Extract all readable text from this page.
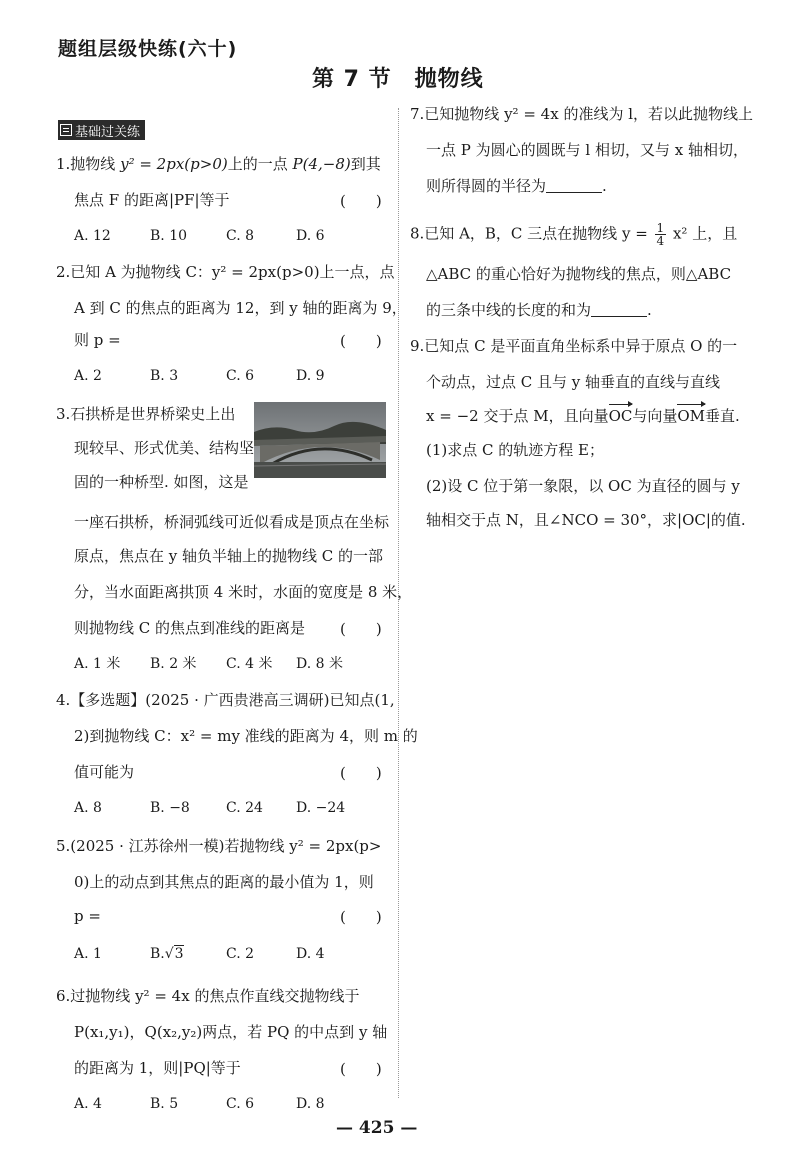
题组层级快练(六十)
第 7 节　抛物线
基础过关练
1.抛物线 y² = 2px(p>0)上的一点 P(4,−8)到其
焦点 F 的距离|PF|等于	(　　)
A. 12	B. 10	C. 8	D. 6
2.已知 A 为抛物线 C：y² = 2px(p>0)上一点，点
A 到 C 的焦点的距离为 12，到 y 轴的距离为 9，
则 p =	(　　)
A. 2	B. 3	C. 6	D. 9
3.石拱桥是世界桥梁史上出
现较早、形式优美、结构坚
固的一种桥型. 如图，这是
一座石拱桥，桥洞弧线可近似看成是顶点在坐标
原点，焦点在 y 轴负半轴上的抛物线 C 的一部
分，当水面距离拱顶 4 米时，水面的宽度是 8 米，
则抛物线 C 的焦点到准线的距离是 (　　)
A. 1 米	B. 2 米	C. 4 米	D. 8 米
4.【多选题】(2025 · 广西贵港高三调研)已知点(1,
2)到抛物线 C：x² = my 准线的距离为 4，则 m 的
值可能为	(　　)
A. 8	B. −8	C. 24	D. −24
5.(2025 · 江苏徐州一模)若抛物线 y² = 2px(p>
0)上的动点到其焦点的距离的最小值为 1，则
p =	(　　)
A. 1	B.√3	C. 2	D. 4
6.过抛物线 y² = 4x 的焦点作直线交抛物线于
P(x₁,y₁)，Q(x₂,y₂)两点，若 PQ 的中点到 y 轴
的距离为 1，则|PQ|等于	(　　)
A. 4	B. 5	C. 6	D. 8
7.已知抛物线 y² = 4x 的准线为 l，若以此抛物线上
一点 P 为圆心的圆既与 l 相切，又与 x 轴相切，
则所得圆的半径为	.
8.已知 A，B，C 三点在抛物线 $y = \frac{1}{4} x^2$ 上，且
△ABC 的重心恰好为抛物线的焦点，则△ABC
的三条中线的长度的和为	.
9.已知点 C 是平面直角坐标系中异于原点 O 的一
个动点，过点 C 且与 y 轴垂直的直线与直线
x = −2 交于点 M，且向量OC与向量OM垂直.
(1)求点 C 的轨迹方程 E；
(2)设 C 位于第一象限，以 OC 为直径的圆与 y
轴相交于点 N，且∠NCO = 30°，求|OC|的值.
— 425 —
